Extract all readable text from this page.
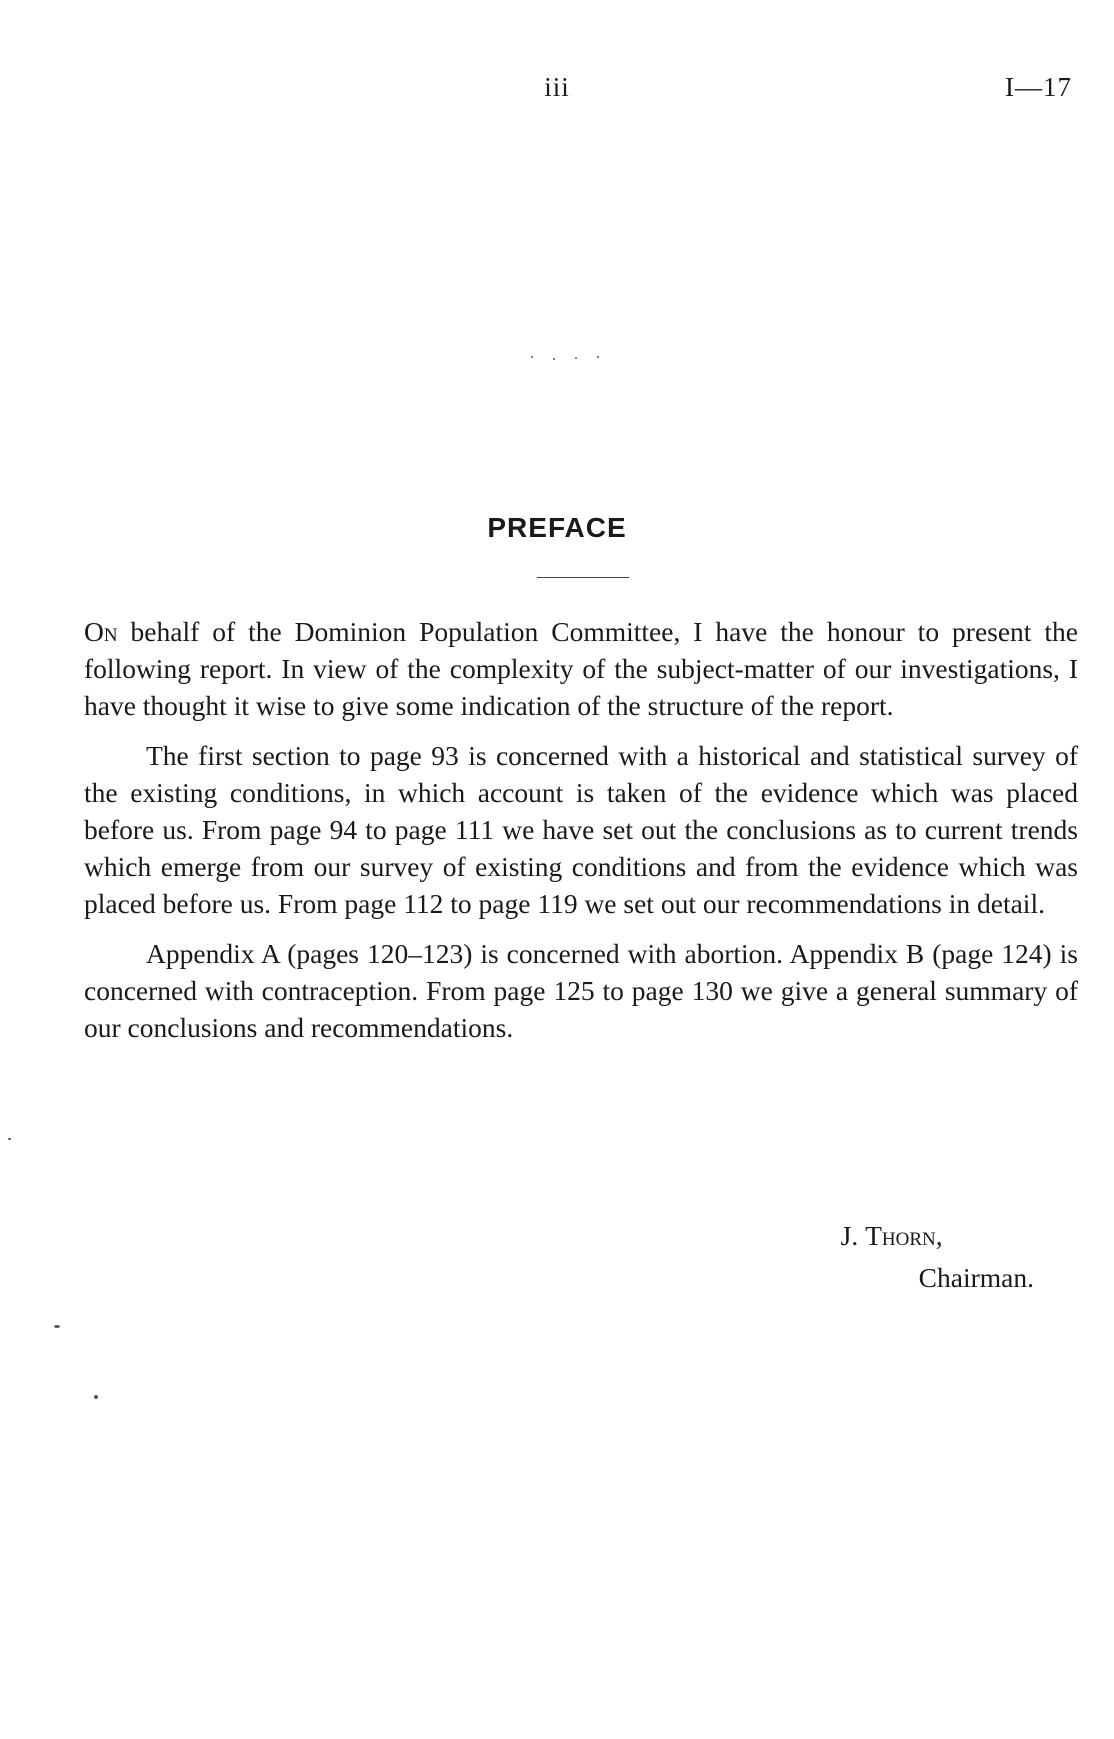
iii	I—17
PREFACE

On behalf of the Dominion Population Committee, I have the honour to present the following report. In view of the complexity of the subject-matter of our investigations, I have thought it wise to give some indication of the structure of the report.

The first section to page 93 is concerned with a historical and statistical survey of the existing conditions, in which account is taken of the evidence which was placed before us. From page 94 to page 111 we have set out the conclusions as to current trends which emerge from our survey of existing conditions and from the evidence which was placed before us. From page 112 to page 119 we set out our recommendations in detail.

Appendix A (pages 120–123) is concerned with abortion. Appendix B (page 124) is concerned with contraception. From page 125 to page 130 we give a general summary of our conclusions and recommendations.

J. Thorn,
Chairman.
